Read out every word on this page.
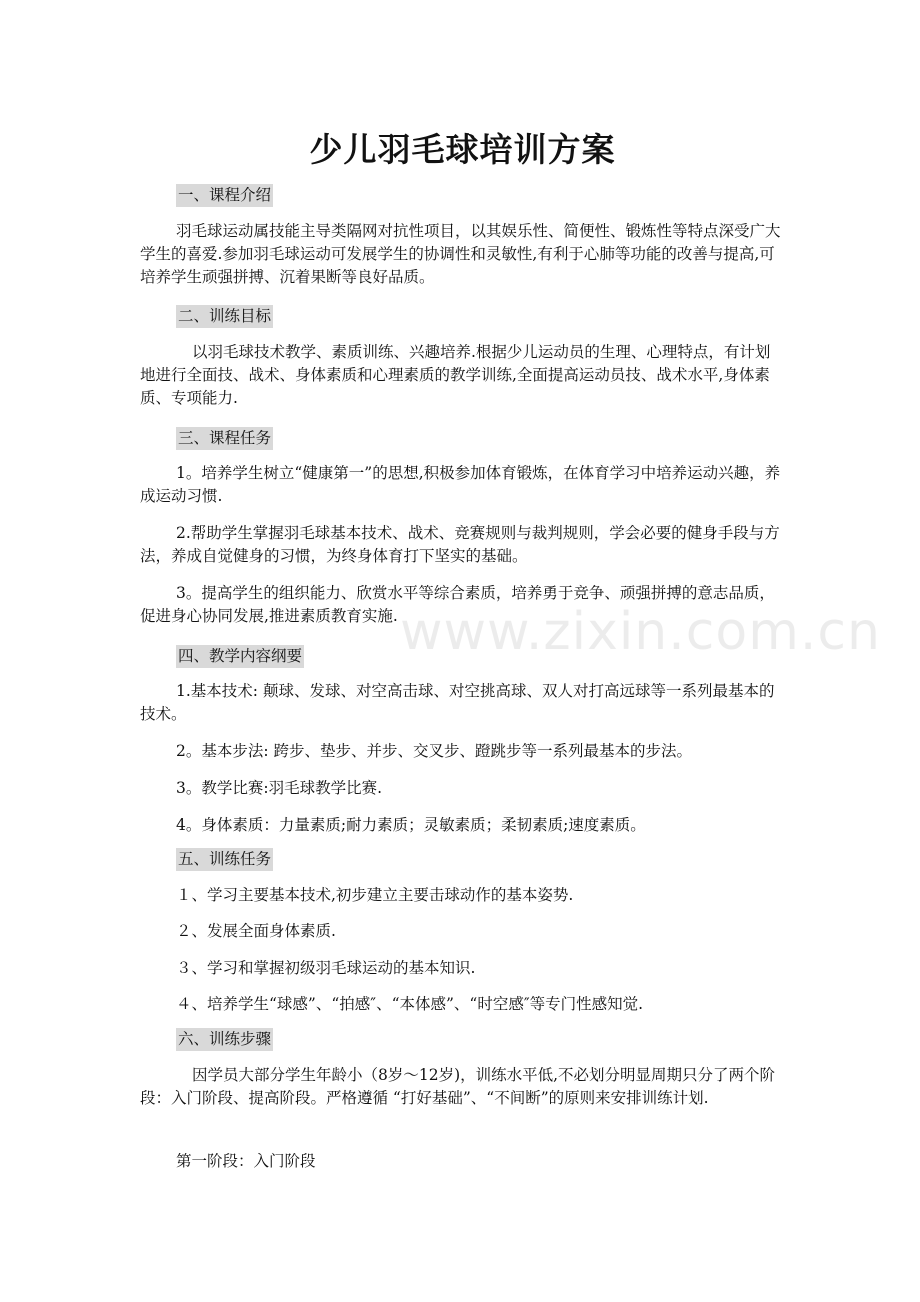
www.zixin.com.cn
少儿羽毛球培训方案
一、课程介绍

羽毛球运动属技能主导类隔网对抗性项目，以其娱乐性、简便性、锻炼性等特点深受广大学生的喜爱.参加羽毛球运动可发展学生的协调性和灵敏性,有利于心肺等功能的改善与提高,可培养学生顽强拼搏、沉着果断等良好品质。

二、训练目标

以羽毛球技术教学、素质训练、兴趣培养.根据少儿运动员的生理、心理特点，有计划地进行全面技、战术、身体素质和心理素质的教学训练,全面提高运动员技、战术水平,身体素质、专项能力.

三、课程任务

1。培养学生树立“健康第一”的思想,积极参加体育锻炼，在体育学习中培养运动兴趣，养成运动习惯.

2.帮助学生掌握羽毛球基本技术、战术、竞赛规则与裁判规则，学会必要的健身手段与方法，养成自觉健身的习惯，为终身体育打下坚实的基础。

3。提高学生的组织能力、欣赏水平等综合素质，培养勇于竞争、顽强拼搏的意志品质，促进身心协同发展,推进素质教育实施.

四、教学内容纲要

1.基本技术: 颠球、发球、对空高击球、对空挑高球、双人对打高远球等一系列最基本的技术。

2。基本步法: 跨步、垫步、并步、交叉步、蹬跳步等一系列最基本的步法。

3。教学比赛:羽毛球教学比赛.

4。身体素质：力量素质;耐力素质；灵敏素质；柔韧素质;速度素质。

五、训练任务

１、学习主要基本技术,初步建立主要击球动作的基本姿势.

２、发展全面身体素质.

３、学习和掌握初级羽毛球运动的基本知识.

４、培养学生“球感”、“拍感″、“本体感”、“时空感″等专门性感知觉.

六、训练步骤

因学员大部分学生年龄小（8岁～12岁)，训练水平低,不必划分明显周期只分了两个阶段：入门阶段、提高阶段。严格遵循 “打好基础”、“不间断”的原则来安排训练计划.

第一阶段：入门阶段
